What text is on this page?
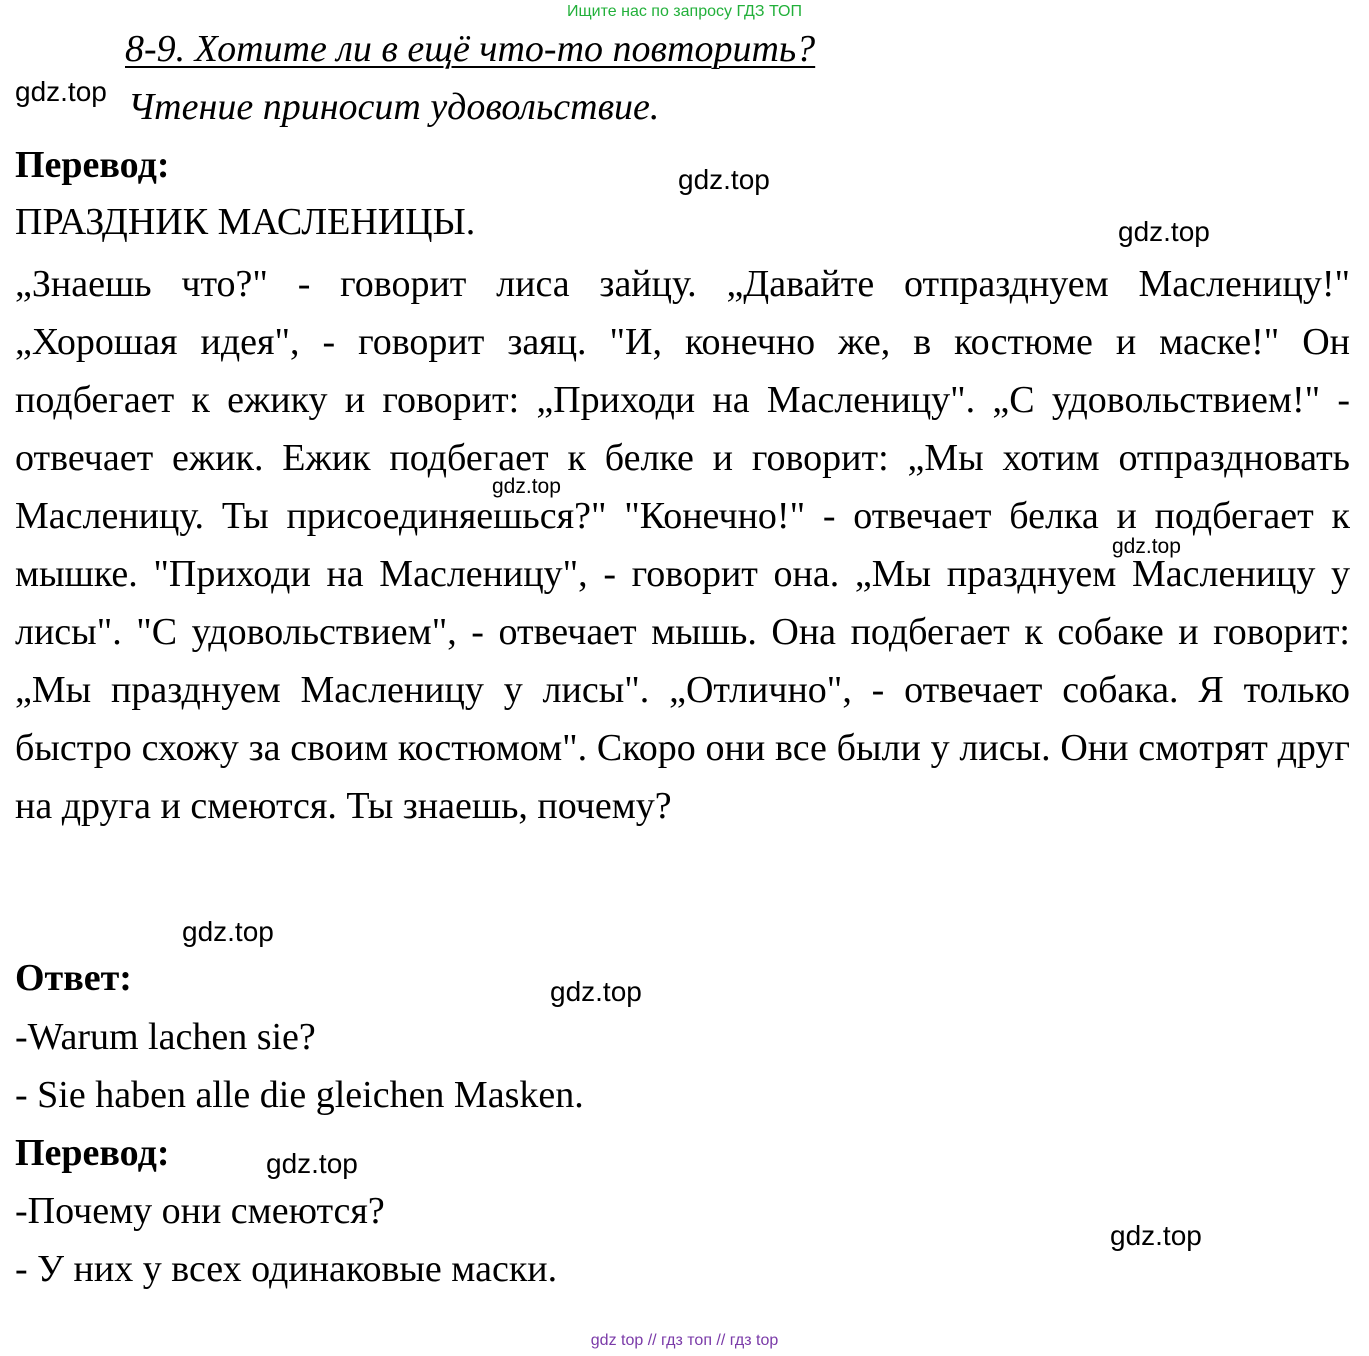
Ищите нас по запросу ГДЗ ТОП
8-9. Хотите ли в ещё что-то повторить?
Чтение приносит удовольствие.
Перевод:
ПРАЗДНИК МАСЛЕНИЦЫ.
„Знаешь что?" - говорит лиса зайцу. „Давайте отпразднуем Масленицу!" „Хорошая идея", - говорит заяц. "И, конечно же, в костюме и маске!" Он подбегает к ежику и говорит: „Приходи на Масленицу". „С удовольствием!" - отвечает ежик. Ежик подбегает к белке и говорит: „Мы хотим отпраздновать Масленицу. Ты присоединяешься?" "Конечно!" - отвечает белка и подбегает к мышке. "Приходи на Масленицу", - говорит она. „Мы празднуем Масленицу у лисы". "С удовольствием", - отвечает мышь. Она подбегает к собаке и говорит: „Мы празднуем Масленицу у лисы". „Отлично", - отвечает собака. Я только быстро схожу за своим костюмом". Скоро они все были у лисы. Они смотрят друг на друга и смеются. Ты знаешь, почему?
Ответ:
-Warum lachen sie?
- Sie haben alle die gleichen Masken.
Перевод:
-Почему они смеются?
- У них у всех одинаковые маски.
gdz.top
gdz.top
gdz.top
gdz.top
gdz.top
gdz.top
gdz.top
gdz.top
gdz.top
gdz top // гдз топ // гдз top
